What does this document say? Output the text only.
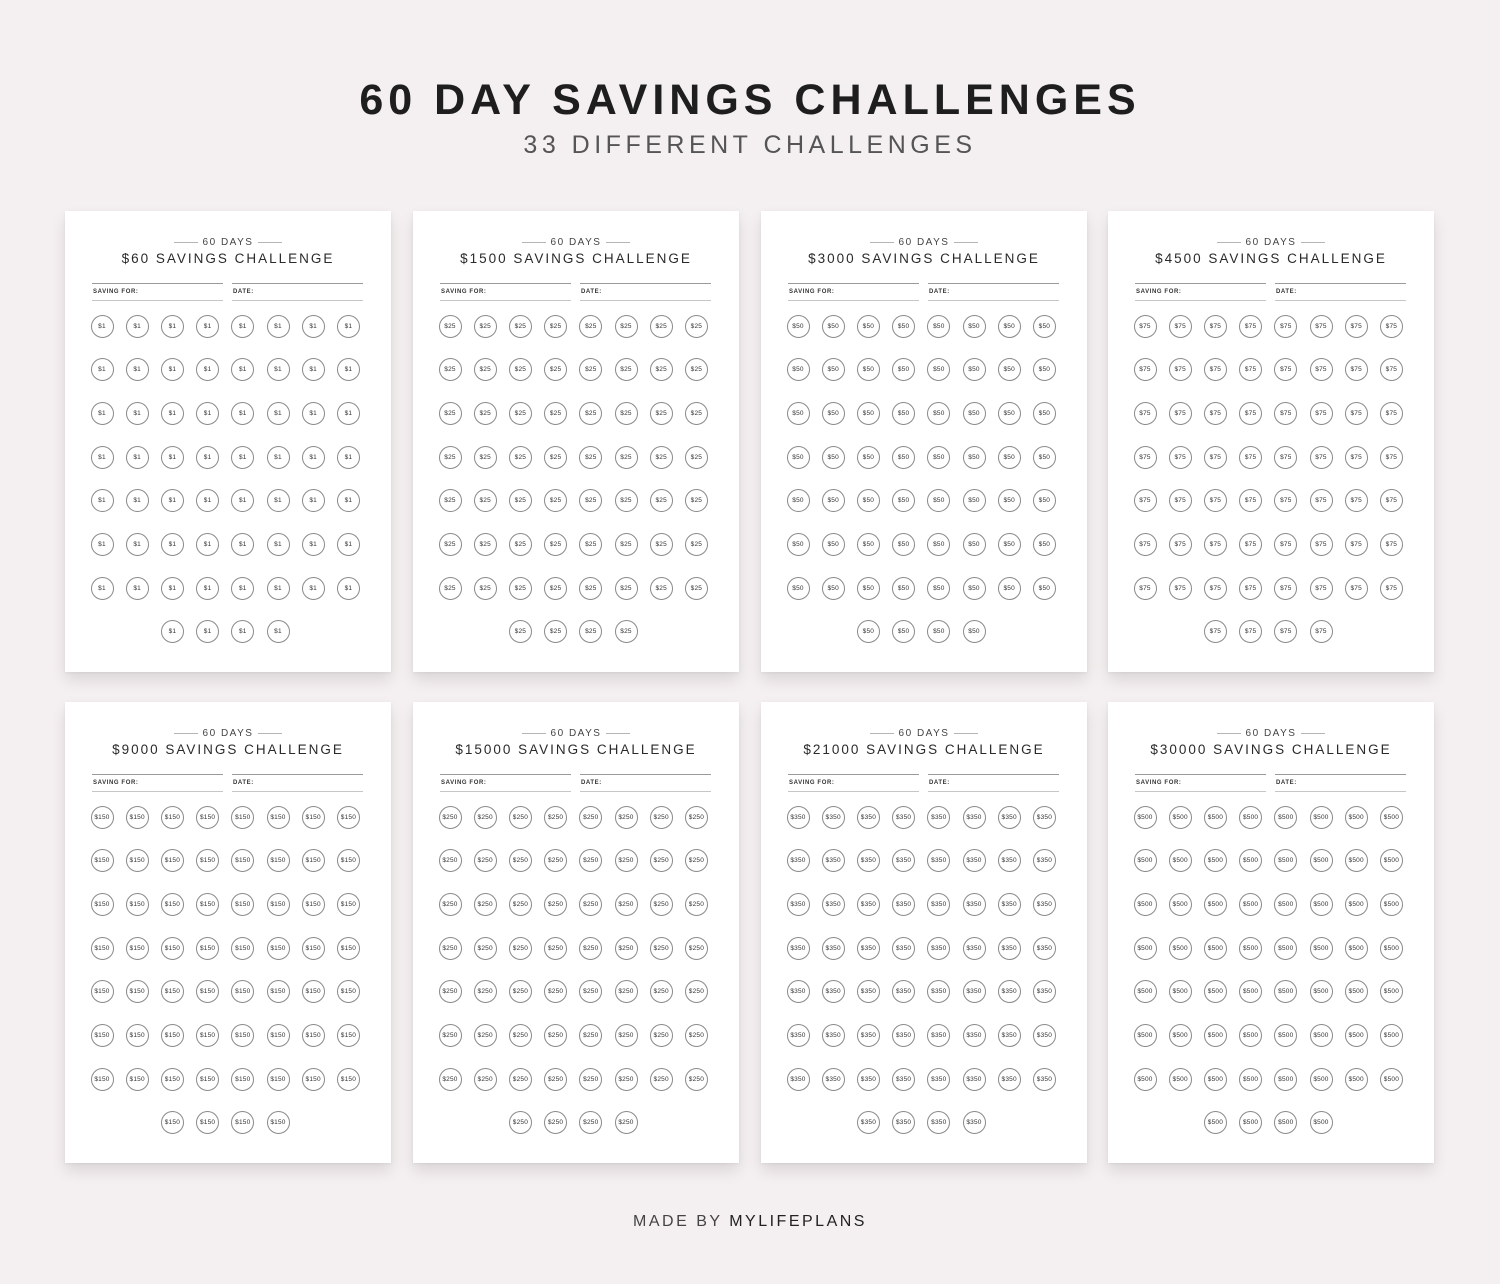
60 DAY SAVINGS CHALLENGES
33 DIFFERENT CHALLENGES
60 DAYS
$60 SAVINGS CHALLENGE
SAVING FOR:	DATE:
$1	$1	$1	$1	$1	$1	$1	$1
$1	$1	$1	$1	$1	$1	$1	$1
$1	$1	$1	$1	$1	$1	$1	$1
$1	$1	$1	$1	$1	$1	$1	$1
$1	$1	$1	$1	$1	$1	$1	$1
$1	$1	$1	$1	$1	$1	$1	$1
$1	$1	$1	$1	$1	$1	$1	$1
$1	$1	$1	$1
60 DAYS
$1500 SAVINGS CHALLENGE
SAVING FOR:	DATE:
$25	$25	$25	$25	$25	$25	$25	$25
$25	$25	$25	$25	$25	$25	$25	$25
$25	$25	$25	$25	$25	$25	$25	$25
$25	$25	$25	$25	$25	$25	$25	$25
$25	$25	$25	$25	$25	$25	$25	$25
$25	$25	$25	$25	$25	$25	$25	$25
$25	$25	$25	$25	$25	$25	$25	$25
$25	$25	$25	$25
60 DAYS
$3000 SAVINGS CHALLENGE
SAVING FOR:	DATE:
$50	$50	$50	$50	$50	$50	$50	$50
$50	$50	$50	$50	$50	$50	$50	$50
$50	$50	$50	$50	$50	$50	$50	$50
$50	$50	$50	$50	$50	$50	$50	$50
$50	$50	$50	$50	$50	$50	$50	$50
$50	$50	$50	$50	$50	$50	$50	$50
$50	$50	$50	$50	$50	$50	$50	$50
$50	$50	$50	$50
60 DAYS
$4500 SAVINGS CHALLENGE
SAVING FOR:	DATE:
$75	$75	$75	$75	$75	$75	$75	$75
$75	$75	$75	$75	$75	$75	$75	$75
$75	$75	$75	$75	$75	$75	$75	$75
$75	$75	$75	$75	$75	$75	$75	$75
$75	$75	$75	$75	$75	$75	$75	$75
$75	$75	$75	$75	$75	$75	$75	$75
$75	$75	$75	$75	$75	$75	$75	$75
$75	$75	$75	$75
60 DAYS
$9000 SAVINGS CHALLENGE
SAVING FOR:	DATE:
$150	$150	$150	$150	$150	$150	$150	$150
$150	$150	$150	$150	$150	$150	$150	$150
$150	$150	$150	$150	$150	$150	$150	$150
$150	$150	$150	$150	$150	$150	$150	$150
$150	$150	$150	$150	$150	$150	$150	$150
$150	$150	$150	$150	$150	$150	$150	$150
$150	$150	$150	$150	$150	$150	$150	$150
$150	$150	$150	$150
60 DAYS
$15000 SAVINGS CHALLENGE
SAVING FOR:	DATE:
$250	$250	$250	$250	$250	$250	$250	$250
$250	$250	$250	$250	$250	$250	$250	$250
$250	$250	$250	$250	$250	$250	$250	$250
$250	$250	$250	$250	$250	$250	$250	$250
$250	$250	$250	$250	$250	$250	$250	$250
$250	$250	$250	$250	$250	$250	$250	$250
$250	$250	$250	$250	$250	$250	$250	$250
$250	$250	$250	$250
60 DAYS
$21000 SAVINGS CHALLENGE
SAVING FOR:	DATE:
$350	$350	$350	$350	$350	$350	$350	$350
$350	$350	$350	$350	$350	$350	$350	$350
$350	$350	$350	$350	$350	$350	$350	$350
$350	$350	$350	$350	$350	$350	$350	$350
$350	$350	$350	$350	$350	$350	$350	$350
$350	$350	$350	$350	$350	$350	$350	$350
$350	$350	$350	$350	$350	$350	$350	$350
$350	$350	$350	$350
60 DAYS
$30000 SAVINGS CHALLENGE
SAVING FOR:	DATE:
$500	$500	$500	$500	$500	$500	$500	$500
$500	$500	$500	$500	$500	$500	$500	$500
$500	$500	$500	$500	$500	$500	$500	$500
$500	$500	$500	$500	$500	$500	$500	$500
$500	$500	$500	$500	$500	$500	$500	$500
$500	$500	$500	$500	$500	$500	$500	$500
$500	$500	$500	$500	$500	$500	$500	$500
$500	$500	$500	$500
MADE BY MYLIFEPLANS
